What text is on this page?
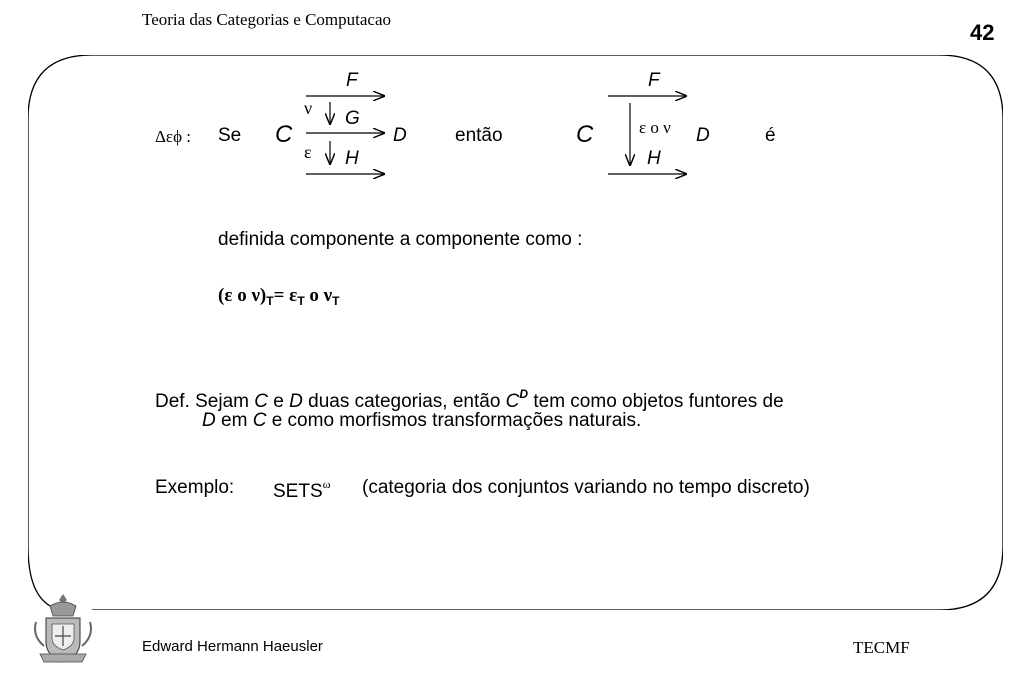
Teoria das Categorias e Computacao
42
Δεϕ : Se C	D	então	C	D	é
F
ν G
ε H
F
ε o ν
H
definida componente a componente como :
(ε o $\nu)_T= \varepsilon_T$ o $\nu_T$
Def. Sejam C e D duas categorias, então $C^D$ tem como objetos funtores de
D em C e como morfismos transformações naturais.
Exemplo: $SETS^\omega$ (categoria dos conjuntos variando no tempo discreto)
Edward Hermann Haeusler	TECMF
